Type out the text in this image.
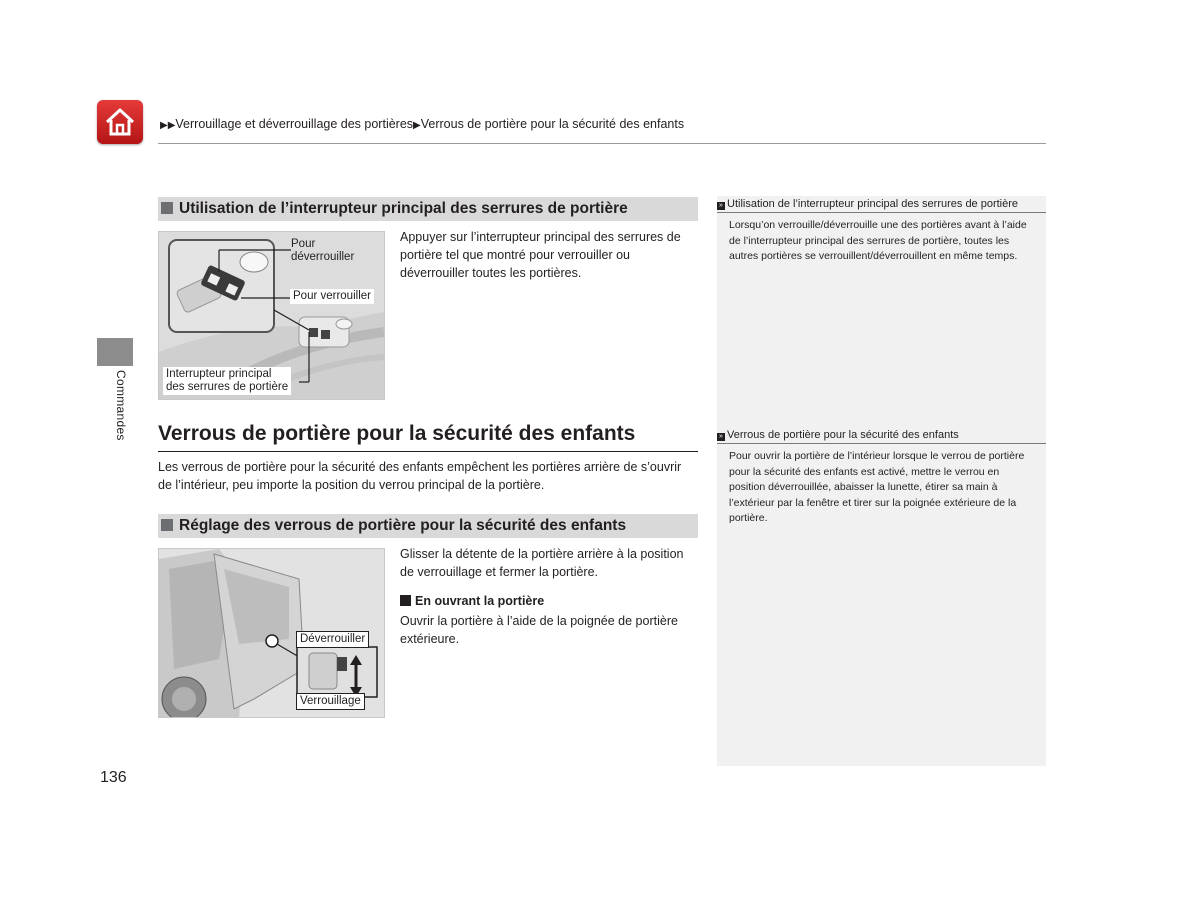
▶▶Verrouillage et déverrouillage des portières▶Verrous de portière pour la sécurité des enfants
Commandes
Utilisation de l’interrupteur principal des serrures de portière
Pour
déverrouiller
Pour verrouiller
Interrupteur principal
des serrures de portière
Appuyer sur l’interrupteur principal des serrures de portière tel que montré pour verrouiller ou déverrouiller toutes les portières.
Verrous de portière pour la sécurité des enfants
Les verrous de portière pour la sécurité des enfants empêchent les portières arrière de s’ouvrir de l’intérieur, peu importe la position du verrou principal de la portière.
Réglage des verrous de portière pour la sécurité des enfants
Déverrouiller
Verrouillage
Glisser la détente de la portière arrière à la position de verrouillage et fermer la portière.
En ouvrant la portière
Ouvrir la portière à l’aide de la poignée de portière extérieure.
» Utilisation de l’interrupteur principal des serrures de portière
Lorsqu’on verrouille/déverrouille une des portières avant à l’aide de l’interrupteur principal des serrures de portière, toutes les autres portières se verrouillent/déverrouillent en même temps.
» Verrous de portière pour la sécurité des enfants
Pour ouvrir la portière de l’intérieur lorsque le verrou de portière pour la sécurité des enfants est activé, mettre le verrou en position déverrouillée, abaisser la lunette, étirer sa main à l’extérieur par la fenêtre et tirer sur la poignée extérieure de la portière.
136
